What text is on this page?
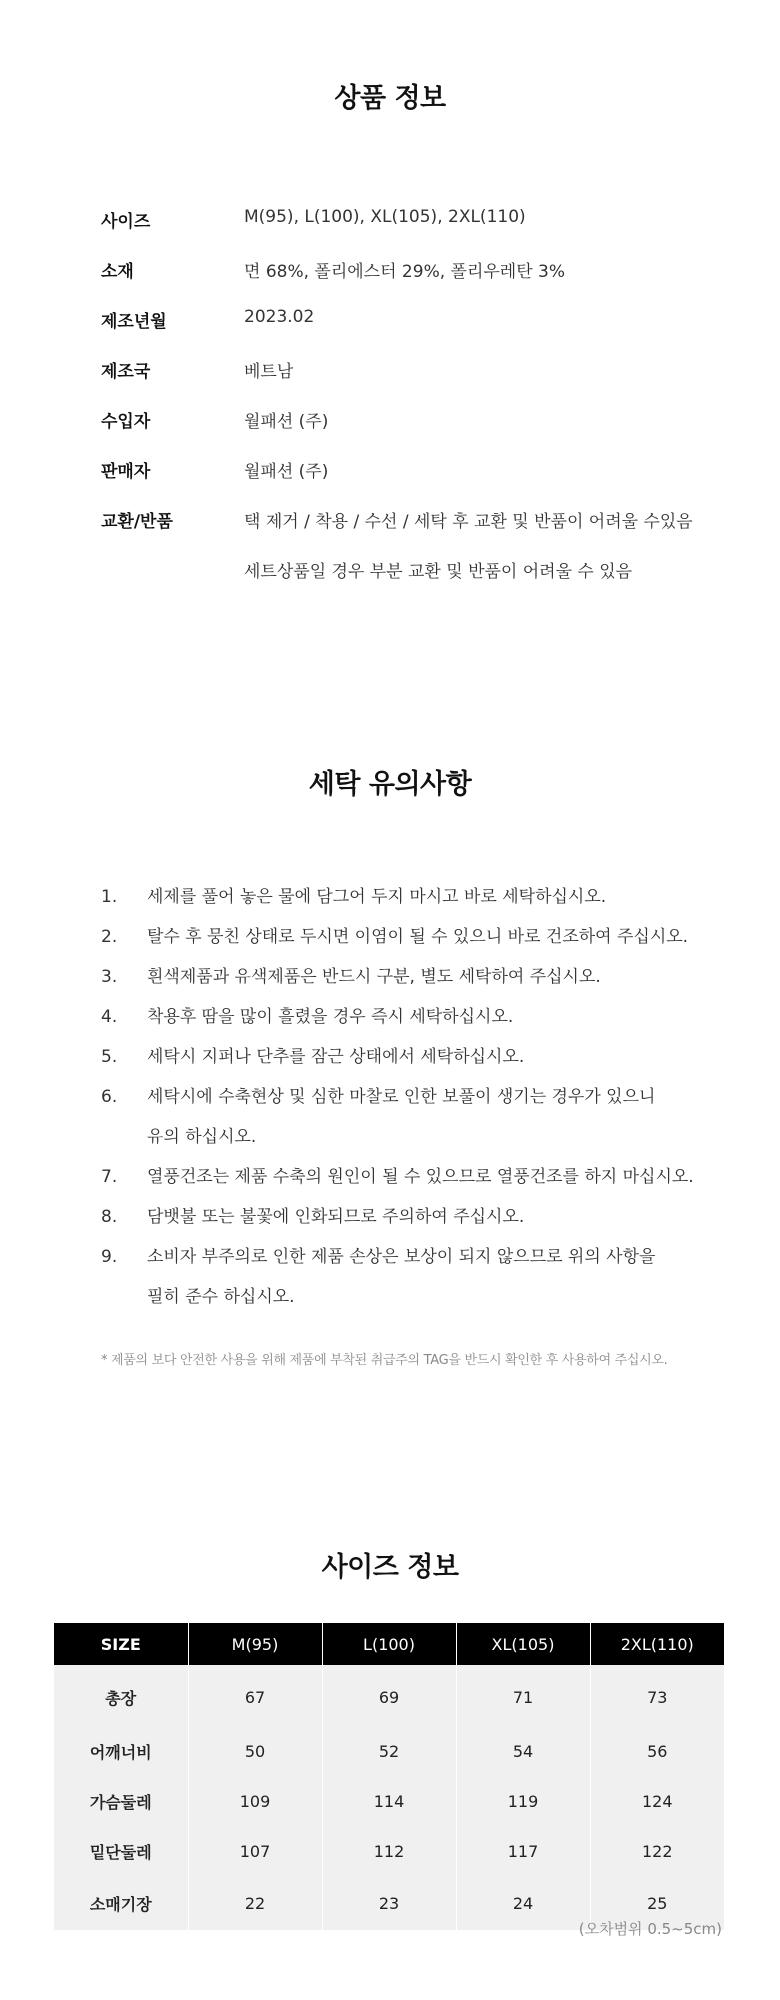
상품 정보
사이즈	M(95), L(100), XL(105), 2XL(110)
소재	면 68%, 폴리에스터 29%, 폴리우레탄 3%
제조년월	2023.02
제조국	베트남
수입자	월패션 (주)
판매자	월패션 (주)
교환/반품	택 제거 / 착용 / 수선 / 세탁 후 교환 및 반품이 어려울 수있음
세트상품일 경우 부분 교환 및 반품이 어려울 수 있음
세탁 유의사항
1. 세제를 풀어 놓은 물에 담그어 두지 마시고 바로 세탁하십시오.
2. 탈수 후 뭉친 상태로 두시면 이염이 될 수 있으니 바로 건조하여 주십시오.
3. 흰색제품과 유색제품은 반드시 구분, 별도 세탁하여 주십시오.
4. 착용후 땀을 많이 흘렸을 경우 즉시 세탁하십시오.
5. 세탁시 지퍼나 단추를 잠근 상태에서 세탁하십시오.
6. 세탁시에 수축현상 및 심한 마찰로 인한 보풀이 생기는 경우가 있으니
유의 하십시오.
7. 열풍건조는 제품 수축의 원인이 될 수 있으므로 열풍건조를 하지 마십시오.
8. 담뱃불 또는 불꽃에 인화되므로 주의하여 주십시오.
9. 소비자 부주의로 인한 제품 손상은 보상이 되지 않으므로 위의 사항을
필히 준수 하십시오.
* 제품의 보다 안전한 사용을 위해 제품에 부착된 취급주의 TAG을 반드시 확인한 후 사용하여 주십시오.
사이즈 정보
SIZE	M(95)	L(100)	XL(105)	2XL(110)
총장	67	69	71	73
어깨너비	50	52	54	56
가슴둘레	109	114	119	124
밑단둘레	107	112	117	122
소매기장	22	23	24	25
(오차범위 0.5~5cm)
